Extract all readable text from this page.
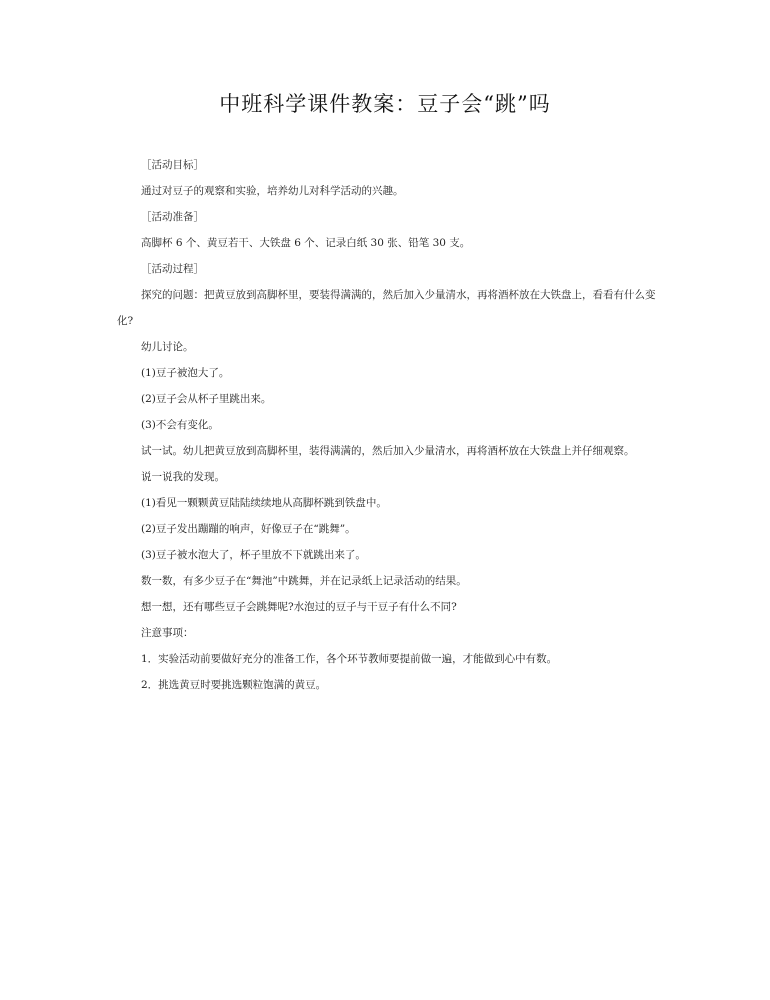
中班科学课件教案：豆子会“跳”吗

［活动目标］

通过对豆子的观察和实验，培养幼儿对科学活动的兴趣。

［活动准备］

高脚杯 6 个、黄豆若干、大铁盘 6 个、记录白纸 30 张、铅笔 30 支。

［活动过程］

探究的问题：把黄豆放到高脚杯里，要装得满满的，然后加入少量清水，再将酒杯放在大铁盘上，看看有什么变化?

幼儿讨论。

(1)豆子被泡大了。

(2)豆子会从杯子里跳出来。

(3)不会有变化。

试一试。幼儿把黄豆放到高脚杯里，装得满满的，然后加入少量清水，再将酒杯放在大铁盘上并仔细观察。

说一说我的发现。

(1)看见一颗颗黄豆陆陆续续地从高脚杯跳到铁盘中。

(2)豆子发出蹦蹦的响声，好像豆子在“跳舞”。

(3)豆子被水泡大了，杯子里放不下就跳出来了。

数一数，有多少豆子在“舞池”中跳舞，并在记录纸上记录活动的结果。

想一想，还有哪些豆子会跳舞呢?水泡过的豆子与干豆子有什么不同?

注意事项：

1．实验活动前要做好充分的准备工作，各个环节教师要提前做一遍，才能做到心中有数。

2．挑选黄豆时要挑选颗粒饱满的黄豆。
